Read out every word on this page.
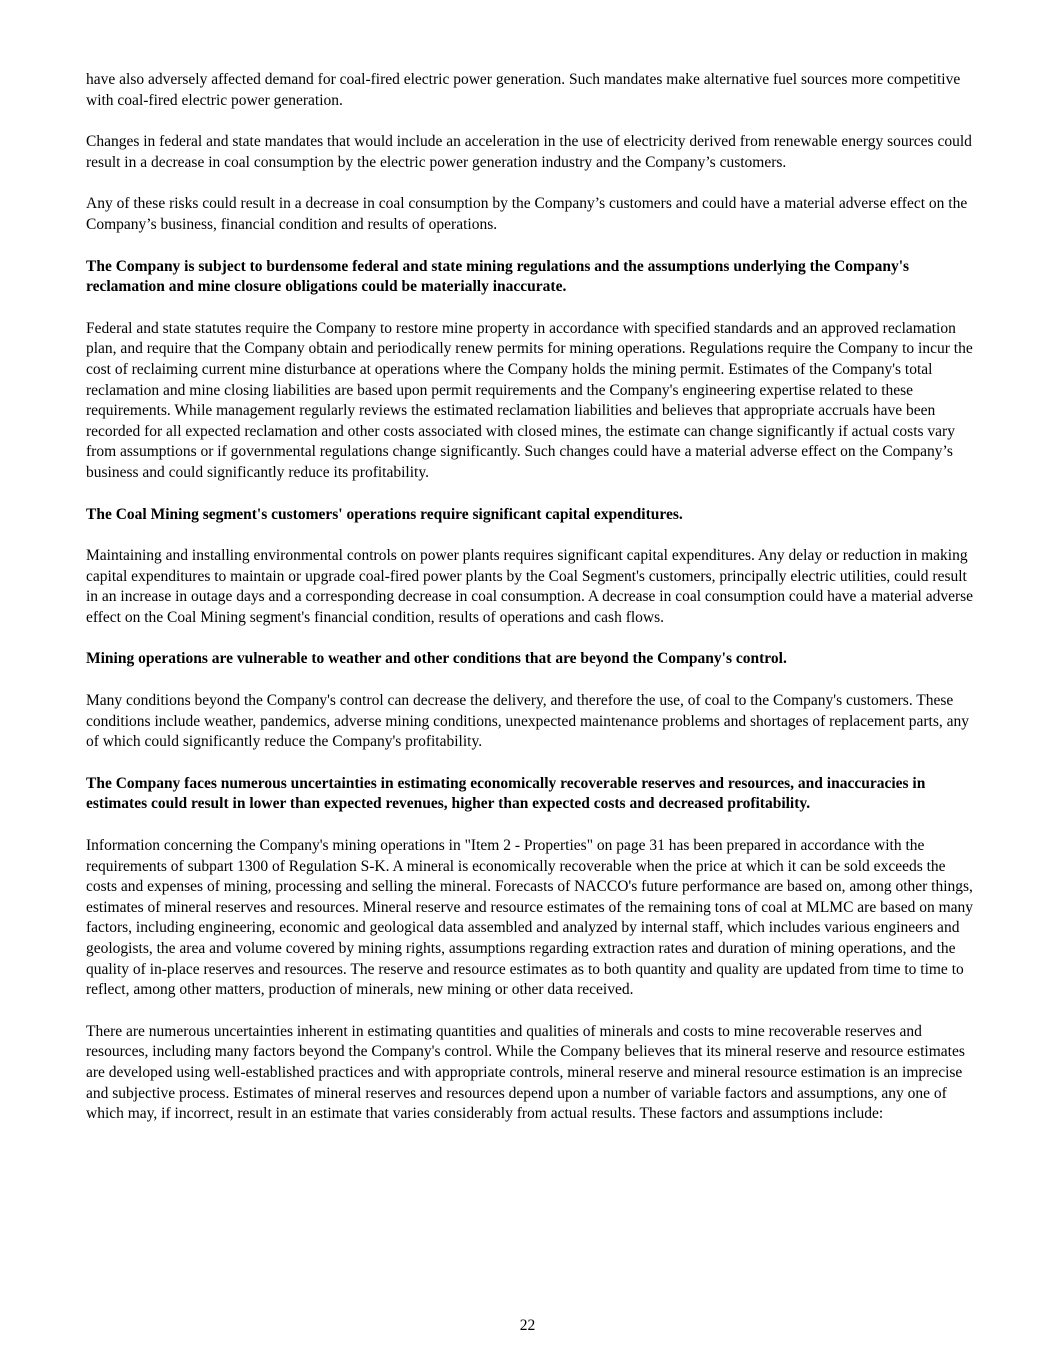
have also adversely affected demand for coal-fired electric power generation. Such mandates make alternative fuel sources more competitive with coal-fired electric power generation.

Changes in federal and state mandates that would include an acceleration in the use of electricity derived from renewable energy sources could result in a decrease in coal consumption by the electric power generation industry and the Company’s customers.

Any of these risks could result in a decrease in coal consumption by the Company’s customers and could have a material adverse effect on the Company’s business, financial condition and results of operations.

The Company is subject to burdensome federal and state mining regulations and the assumptions underlying the Company's reclamation and mine closure obligations could be materially inaccurate.

Federal and state statutes require the Company to restore mine property in accordance with specified standards and an approved reclamation plan, and require that the Company obtain and periodically renew permits for mining operations. Regulations require the Company to incur the cost of reclaiming current mine disturbance at operations where the Company holds the mining permit. Estimates of the Company's total reclamation and mine closing liabilities are based upon permit requirements and the Company's engineering expertise related to these requirements. While management regularly reviews the estimated reclamation liabilities and believes that appropriate accruals have been recorded for all expected reclamation and other costs associated with closed mines, the estimate can change significantly if actual costs vary from assumptions or if governmental regulations change significantly. Such changes could have a material adverse effect on the Company’s business and could significantly reduce its profitability.

The Coal Mining segment's customers' operations require significant capital expenditures.

Maintaining and installing environmental controls on power plants requires significant capital expenditures. Any delay or reduction in making capital expenditures to maintain or upgrade coal-fired power plants by the Coal Segment's customers, principally electric utilities, could result in an increase in outage days and a corresponding decrease in coal consumption. A decrease in coal consumption could have a material adverse effect on the Coal Mining segment's financial condition, results of operations and cash flows.

Mining operations are vulnerable to weather and other conditions that are beyond the Company's control.

Many conditions beyond the Company's control can decrease the delivery, and therefore the use, of coal to the Company's customers. These conditions include weather, pandemics, adverse mining conditions, unexpected maintenance problems and shortages of replacement parts, any of which could significantly reduce the Company's profitability.

The Company faces numerous uncertainties in estimating economically recoverable reserves and resources, and inaccuracies in estimates could result in lower than expected revenues, higher than expected costs and decreased profitability.

Information concerning the Company's mining operations in "Item 2 - Properties" on page 31 has been prepared in accordance with the requirements of subpart 1300 of Regulation S-K. A mineral is economically recoverable when the price at which it can be sold exceeds the costs and expenses of mining, processing and selling the mineral. Forecasts of NACCO's future performance are based on, among other things, estimates of mineral reserves and resources. Mineral reserve and resource estimates of the remaining tons of coal at MLMC are based on many factors, including engineering, economic and geological data assembled and analyzed by internal staff, which includes various engineers and geologists, the area and volume covered by mining rights, assumptions regarding extraction rates and duration of mining operations, and the quality of in-place reserves and resources. The reserve and resource estimates as to both quantity and quality are updated from time to time to reflect, among other matters, production of minerals, new mining or other data received.

There are numerous uncertainties inherent in estimating quantities and qualities of minerals and costs to mine recoverable reserves and resources, including many factors beyond the Company's control. While the Company believes that its mineral reserve and resource estimates are developed using well-established practices and with appropriate controls, mineral reserve and mineral resource estimation is an imprecise and subjective process. Estimates of mineral reserves and resources depend upon a number of variable factors and assumptions, any one of which may, if incorrect, result in an estimate that varies considerably from actual results. These factors and assumptions include:

22
